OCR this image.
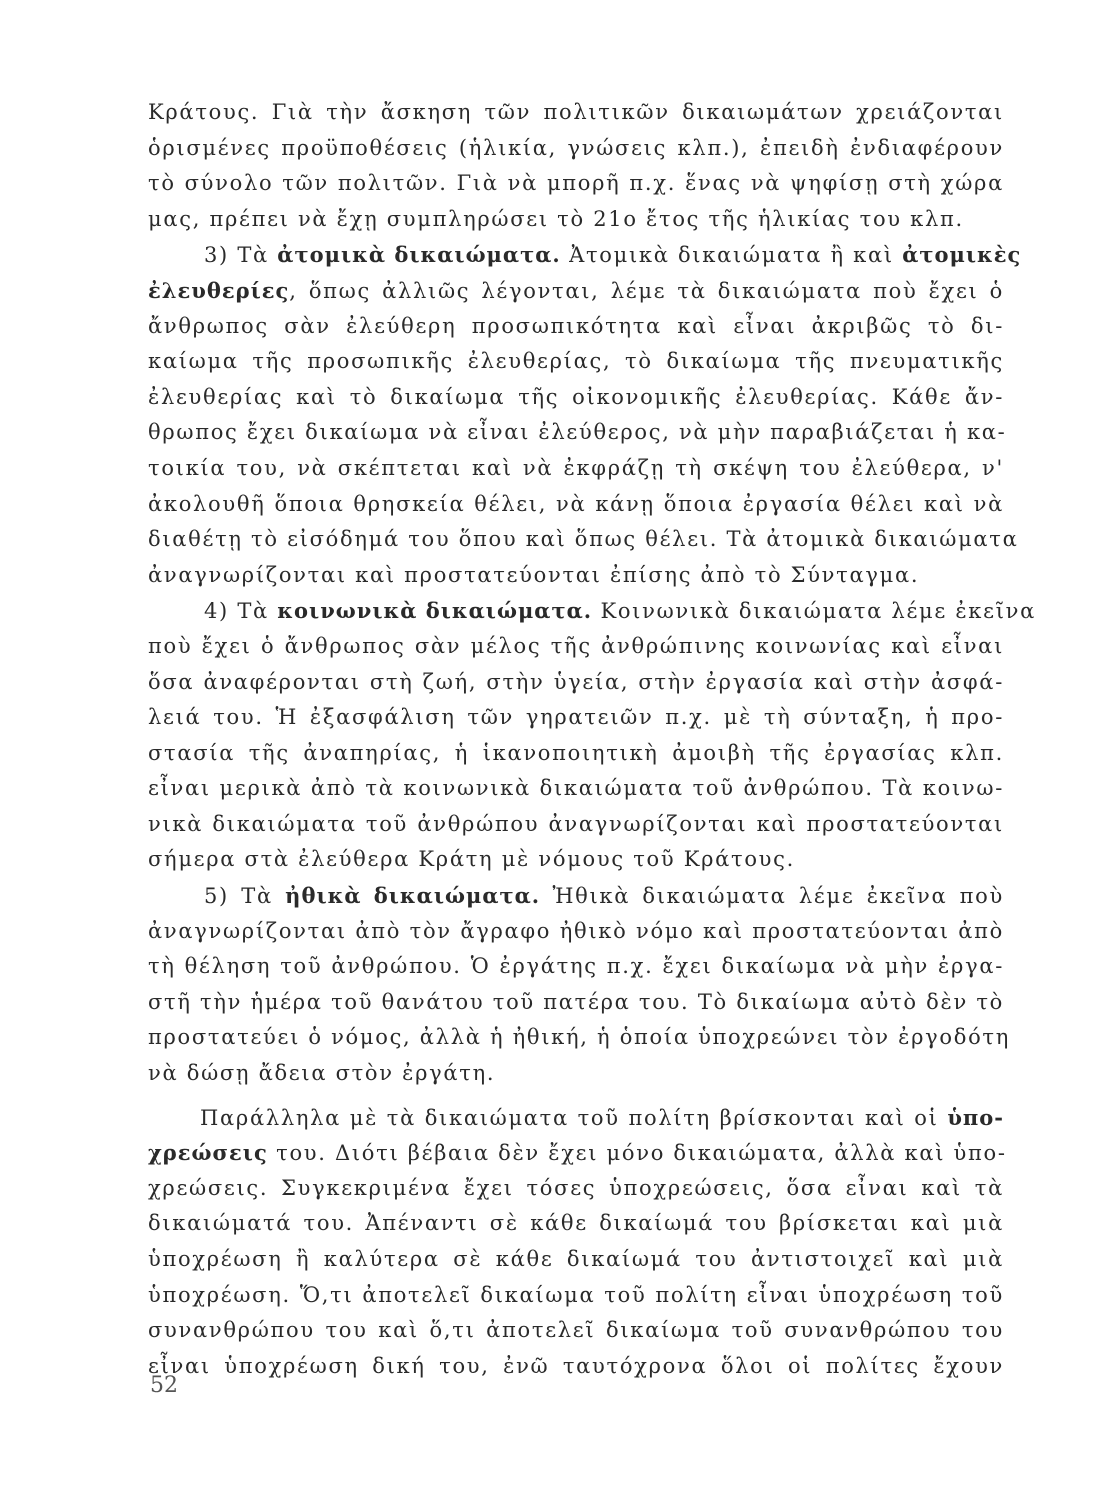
Κράτους. Γιὰ τὴν ἄσκηση τῶν πολιτικῶν δικαιωμάτων χρειάζονται
ὁρισμένες προϋποθέσεις (ἡλικία, γνώσεις κλπ.), ἐπειδὴ ἐνδιαφέρουν
τὸ σύνολο τῶν πολιτῶν. Γιὰ νὰ μπορῆ π.χ. ἕνας νὰ ψηφίσῃ στὴ χώρα
μας, πρέπει νὰ ἔχῃ συμπληρώσει τὸ 21ο ἔτος τῆς ἡλικίας του κλπ.
3) Τὰ ἀτομικὰ δικαιώματα. Ἀτομικὰ δικαιώματα ἢ καὶ ἀτομικὲς
ἐλευθερίες, ὅπως ἀλλιῶς λέγονται, λέμε τὰ δικαιώματα ποὺ ἔχει ὁ
ἄνθρωπος σὰν ἐλεύθερη προσωπικότητα καὶ εἶναι ἀκριβῶς τὸ δι-
καίωμα τῆς προσωπικῆς ἐλευθερίας, τὸ δικαίωμα τῆς πνευματικῆς
ἐλευθερίας καὶ τὸ δικαίωμα τῆς οἰκονομικῆς ἐλευθερίας. Κάθε ἄν-
θρωπος ἔχει δικαίωμα νὰ εἶναι ἐλεύθερος, νὰ μὴν παραβιάζεται ἡ κα-
τοικία του, νὰ σκέπτεται καὶ νὰ ἐκφράζῃ τὴ σκέψη του ἐλεύθερα, ν'
ἀκολουθῆ ὅποια θρησκεία θέλει, νὰ κάνῃ ὅποια ἐργασία θέλει καὶ νὰ
διαθέτῃ τὸ εἰσόδημά του ὅπου καὶ ὅπως θέλει. Τὰ ἀτομικὰ δικαιώματα
ἀναγνωρίζονται καὶ προστατεύονται ἐπίσης ἀπὸ τὸ Σύνταγμα.
4) Τὰ κοινωνικὰ δικαιώματα. Κοινωνικὰ δικαιώματα λέμε ἐκεῖνα
ποὺ ἔχει ὁ ἄνθρωπος σὰν μέλος τῆς ἀνθρώπινης κοινωνίας καὶ εἶναι
ὅσα ἀναφέρονται στὴ ζωή, στὴν ὑγεία, στὴν ἐργασία καὶ στὴν ἀσφά-
λειά του. Ἡ ἐξασφάλιση τῶν γηρατειῶν π.χ. μὲ τὴ σύνταξη, ἡ προ-
στασία τῆς ἀναπηρίας, ἡ ἱκανοποιητικὴ ἀμοιβὴ τῆς ἐργασίας κλπ.
εἶναι μερικὰ ἀπὸ τὰ κοινωνικὰ δικαιώματα τοῦ ἀνθρώπου. Τὰ κοινω-
νικὰ δικαιώματα τοῦ ἀνθρώπου ἀναγνωρίζονται καὶ προστατεύονται
σήμερα στὰ ἐλεύθερα Κράτη μὲ νόμους τοῦ Κράτους.
5) Τὰ ἠθικὰ δικαιώματα. Ἠθικὰ δικαιώματα λέμε ἐκεῖνα ποὺ
ἀναγνωρίζονται ἀπὸ τὸν ἄγραφο ἠθικὸ νόμο καὶ προστατεύονται ἀπὸ
τὴ θέληση τοῦ ἀνθρώπου. Ὁ ἐργάτης π.χ. ἔχει δικαίωμα νὰ μὴν ἐργα-
στῆ τὴν ἡμέρα τοῦ θανάτου τοῦ πατέρα του. Τὸ δικαίωμα αὐτὸ δὲν τὸ
προστατεύει ὁ νόμος, ἀλλὰ ἡ ἠθική, ἡ ὁποία ὑποχρεώνει τὸν ἐργοδότη
νὰ δώσῃ ἄδεια στὸν ἐργάτη.
Παράλληλα μὲ τὰ δικαιώματα τοῦ πολίτη βρίσκονται καὶ οἱ ὑπο-
χρεώσεις του. Διότι βέβαια δὲν ἔχει μόνο δικαιώματα, ἀλλὰ καὶ ὑπο-
χρεώσεις. Συγκεκριμένα ἔχει τόσες ὑποχρεώσεις, ὅσα εἶναι καὶ τὰ
δικαιώματά του. Ἀπέναντι σὲ κάθε δικαίωμά του βρίσκεται καὶ μιὰ
ὑποχρέωση ἢ καλύτερα σὲ κάθε δικαίωμά του ἀντιστοιχεῖ καὶ μιὰ
ὑποχρέωση. Ὅ,τι ἀποτελεῖ δικαίωμα τοῦ πολίτη εἶναι ὑποχρέωση τοῦ
συνανθρώπου του καὶ ὅ,τι ἀποτελεῖ δικαίωμα τοῦ συνανθρώπου του
εἶναι ὑποχρέωση δική του, ἐνῶ ταυτόχρονα ὅλοι οἱ πολίτες ἔχουν
52
